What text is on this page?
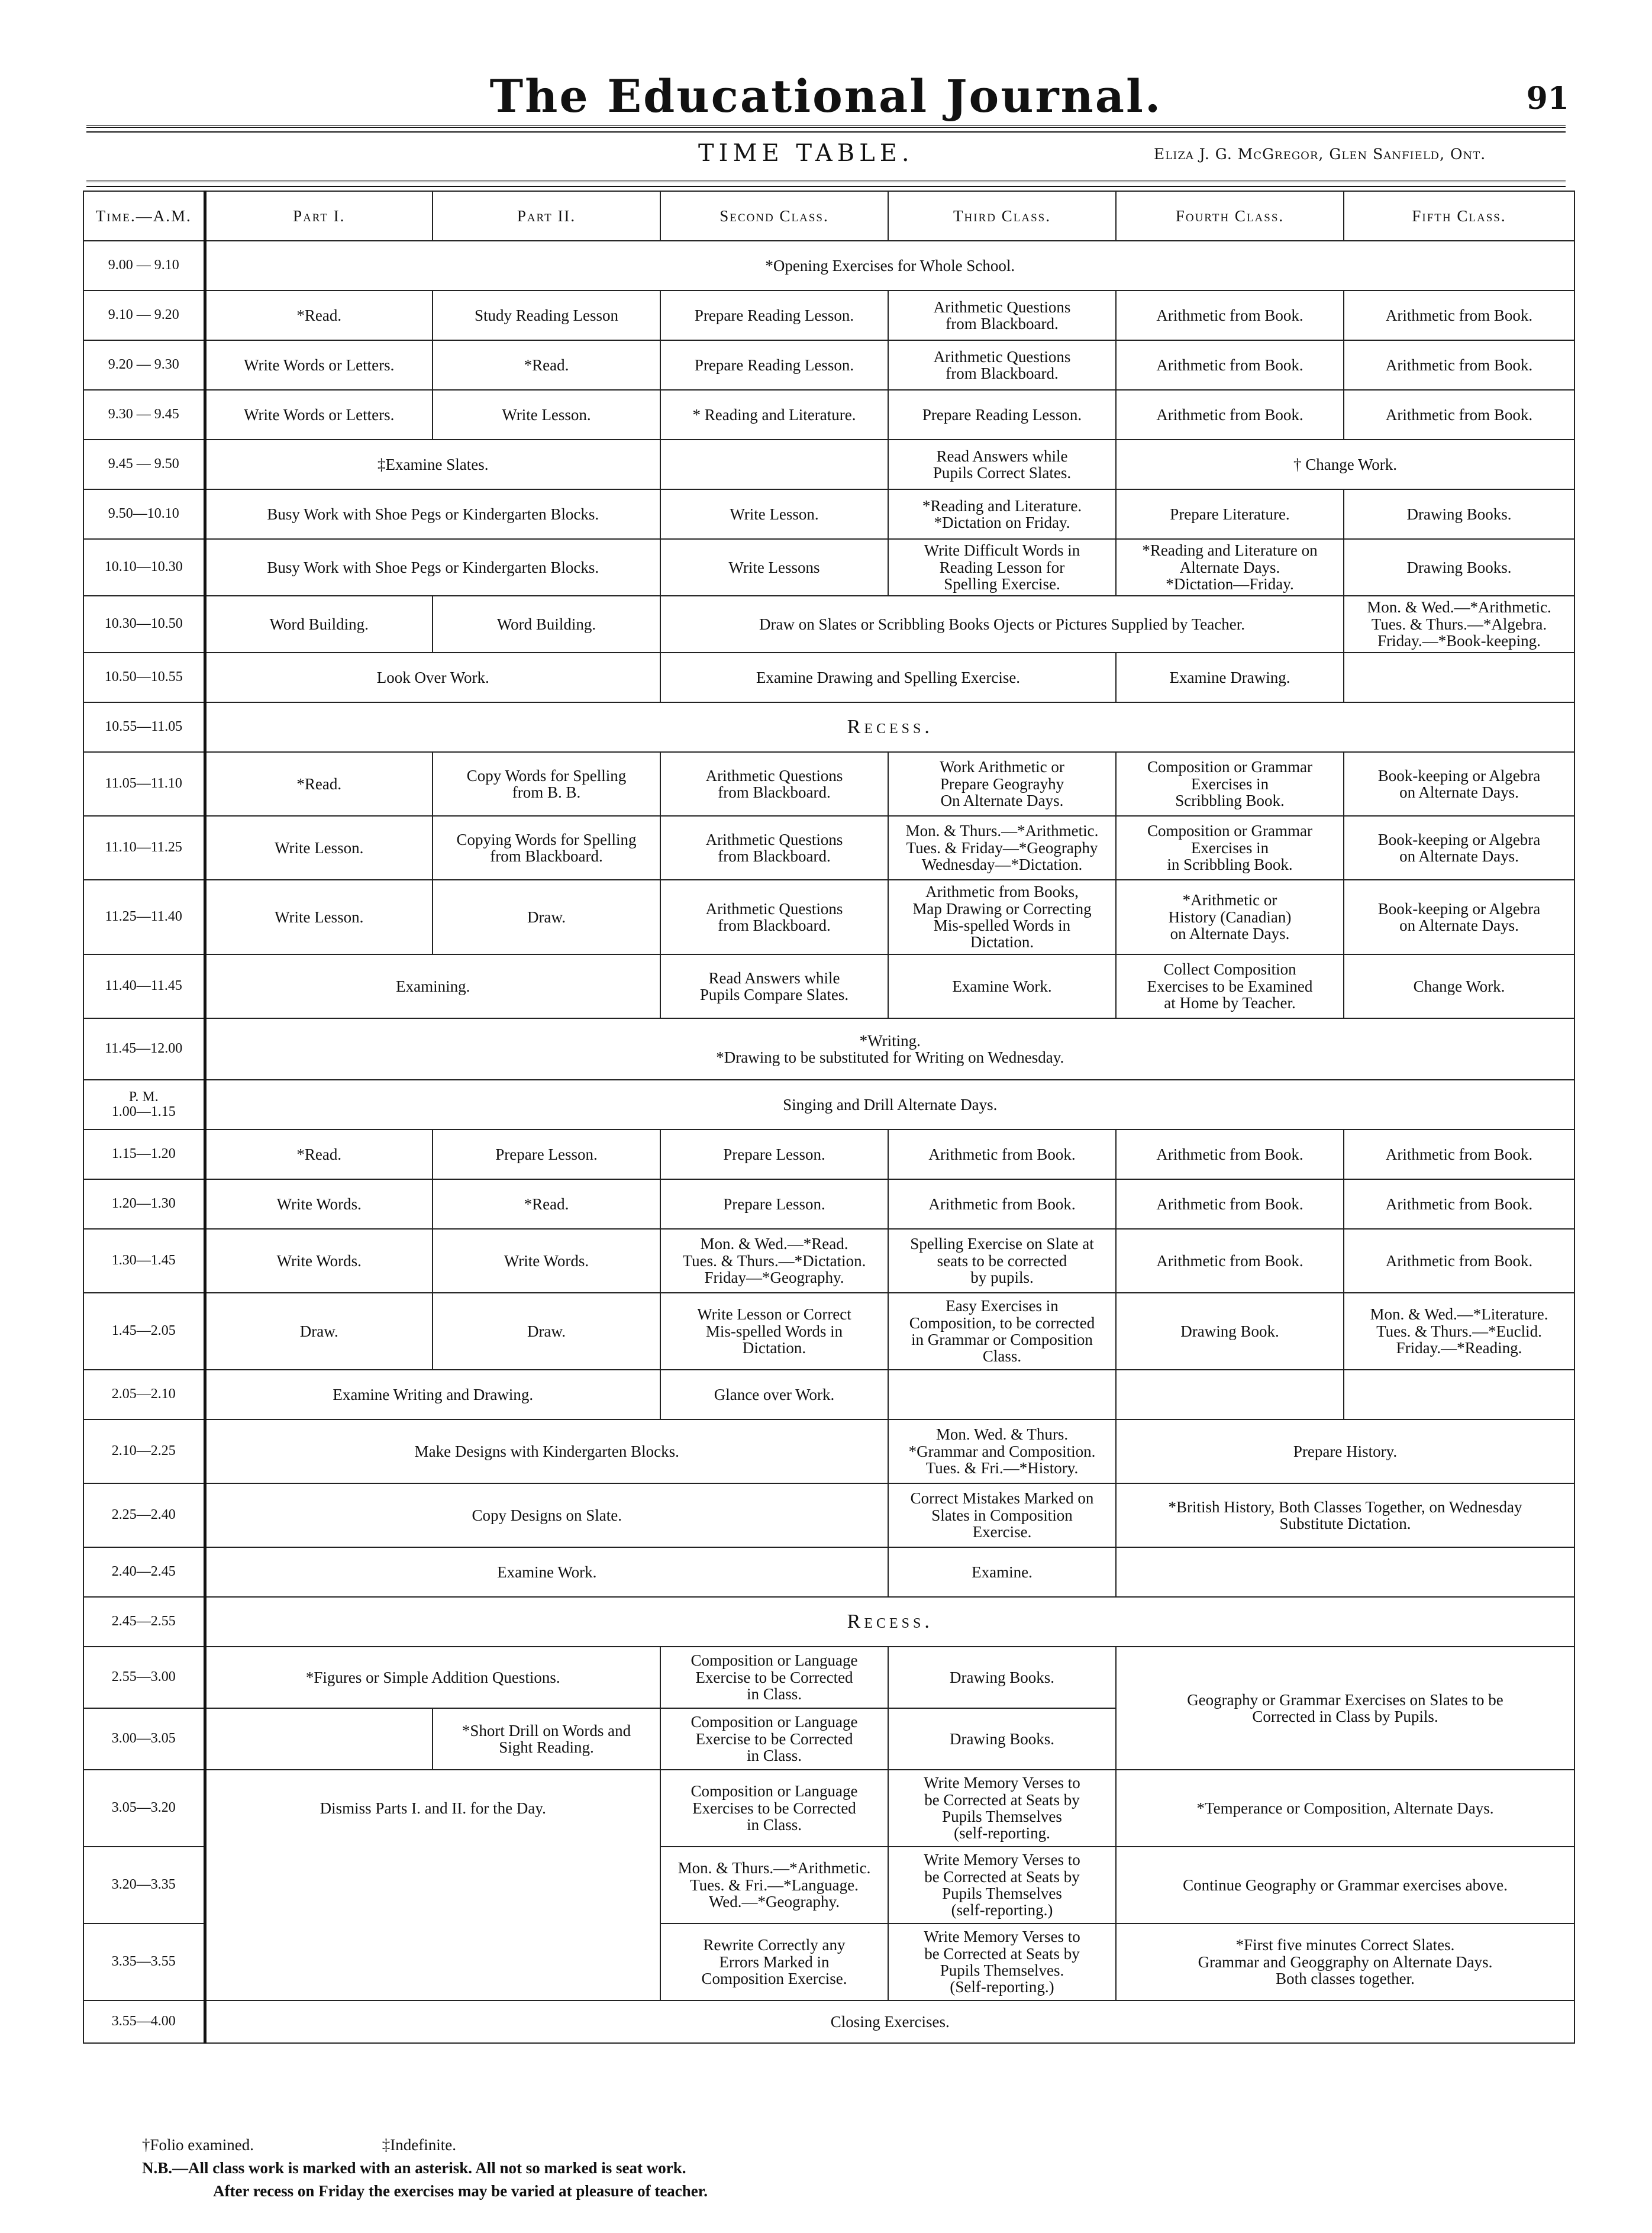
The Educational Journal.	91
TIME TABLE.	Eliza J. G. McGregor, Glen Sanfield, Ont.
Time.—A.M.	Part I.	Part II.	Second Class.	Third Class.	Fourth Class.	Fifth Class.
9.00 — 9.10	*Opening Exercises for Whole School.					
9.10 — 9.20	*Read.	Study Reading Lesson	Prepare Reading Lesson.	Arithmetic Questions
from Blackboard.	Arithmetic from Book.	Arithmetic from Book.
9.20 — 9.30	Write Words or Letters.	*Read.	Prepare Reading Lesson.	Arithmetic Questions
from Blackboard.	Arithmetic from Book.	Arithmetic from Book.
9.30 — 9.45	Write Words or Letters.	Write Lesson.	* Reading and Literature.	Prepare Reading Lesson.	Arithmetic from Book.	Arithmetic from Book.
9.45 — 9.50	‡Examine Slates.			Read Answers while
Pupils Correct Slates.	† Change Work.	
9.50—10.10	Busy Work with Shoe Pegs or Kindergarten Blocks.		Write Lesson.	*Reading and Literature.
*Dictation on Friday.	Prepare Literature.	Drawing Books.
10.10—10.30	Busy Work with Shoe Pegs or Kindergarten Blocks.		Write Lessons	Write Difficult Words in
Reading Lesson for
Spelling Exercise.	*Reading and Literature on
Alternate Days.
*Dictation—Friday.	Drawing Books.
10.30—10.50	Word Building.	Word Building.	Draw on Slates or Scribbling Books Ojects or Pictures Supplied by Teacher.			Mon. & Wed.—*Arithmetic.
Tues. & Thurs.—*Algebra.
Friday.—*Book-keeping.
10.50—10.55	Look Over Work.		Examine Drawing and Spelling Exercise.		Examine Drawing.	
10.55—11.05	Recess.					
11.05—11.10	*Read.	Copy Words for Spelling
from B. B.	Arithmetic Questions
from Blackboard.	Work Arithmetic or
Prepare Geograyhy
On Alternate Days.	Composition or Grammar
Exercises in
Scribbling Book.	Book-keeping or Algebra
on Alternate Days.
11.10—11.25	Write Lesson.	Copying Words for Spelling
from Blackboard.	Arithmetic Questions
from Blackboard.	Mon. & Thurs.—*Arithmetic.
Tues. & Friday—*Geography
Wednesday—*Dictation.	Composition or Grammar
Exercises in
in Scribbling Book.	Book-keeping or Algebra
on Alternate Days.
11.25—11.40	Write Lesson.	Draw.	Arithmetic Questions
from Blackboard.	Arithmetic from Books,
Map Drawing or Correcting
Mis-spelled Words in
Dictation.	*Arithmetic or
History (Canadian)
on Alternate Days.	Book-keeping or Algebra
on Alternate Days.
11.40—11.45	Examining.		Read Answers while
Pupils Compare Slates.	Examine Work.	Collect Composition
Exercises to be Examined
at Home by Teacher.	Change Work.
11.45—12.00	*Writing.
*Drawing to be substituted for Writing on Wednesday.					
P. M.
1.00—1.15	Singing and Drill Alternate Days.					
1.15—1.20	*Read.	Prepare Lesson.	Prepare Lesson.	Arithmetic from Book.	Arithmetic from Book.	Arithmetic from Book.
1.20—1.30	Write Words.	*Read.	Prepare Lesson.	Arithmetic from Book.	Arithmetic from Book.	Arithmetic from Book.
1.30—1.45	Write Words.	Write Words.	Mon. & Wed.—*Read.
Tues. & Thurs.—*Dictation.
Friday—*Geography.	Spelling Exercise on Slate at
seats to be corrected
by pupils.	Arithmetic from Book.	Arithmetic from Book.
1.45—2.05	Draw.	Draw.	Write Lesson or Correct
Mis-spelled Words in
Dictation.	Easy Exercises in
Composition, to be corrected
in Grammar or Composition
Class.	Drawing Book.	Mon. & Wed.—*Literature.
Tues. & Thurs.—*Euclid.
Friday.—*Reading.
2.05—2.10	Examine Writing and Drawing.		Glance over Work.			
2.10—2.25	Make Designs with Kindergarten Blocks.			Mon. Wed. & Thurs.
*Grammar and Composition.
Tues. & Fri.—*History.	Prepare History.	
2.25—2.40	Copy Designs on Slate.			Correct Mistakes Marked on
Slates in Composition
Exercise.	*British History, Both Classes Together, on Wednesday
Substitute Dictation.	
2.40—2.45	Examine Work.			Examine.		
2.45—2.55	Recess.					
2.55—3.00	*Figures or Simple Addition Questions.		Composition or Language
Exercise to be Corrected
in Class.	Drawing Books.	Geography or Grammar Exercises on Slates to be
Corrected in Class by Pupils.	
3.00—3.05		*Short Drill on Words and
Sight Reading.	Composition or Language
Exercise to be Corrected
in Class.	Drawing Books.		
3.05—3.20	Dismiss Parts I. and II. for the Day.		Composition or Language
Exercises to be Corrected
in Class.	Write Memory Verses to
be Corrected at Seats by
Pupils Themselves
(self-reporting.	*Temperance or Composition, Alternate Days.	
3.20—3.35			Mon. & Thurs.—*Arithmetic.
Tues. & Fri.—*Language.
Wed.—*Geography.	Write Memory Verses to
be Corrected at Seats by
Pupils Themselves
(self-reporting.)	Continue Geography or Grammar exercises above.	
3.35—3.55			Rewrite Correctly any
Errors Marked in
Composition Exercise.	Write Memory Verses to
be Corrected at Seats by
Pupils Themselves.
(Self-reporting.)	*First five minutes Correct Slates.
Grammar and Geoggraphy on Alternate Days.
Both classes together.	
3.55—4.00	Closing Exercises.					
†Folio examined.	‡Indefinite.
N.B.—All class work is marked with an asterisk. All not so marked is seat work.
After recess on Friday the exercises may be varied at pleasure of teacher.
